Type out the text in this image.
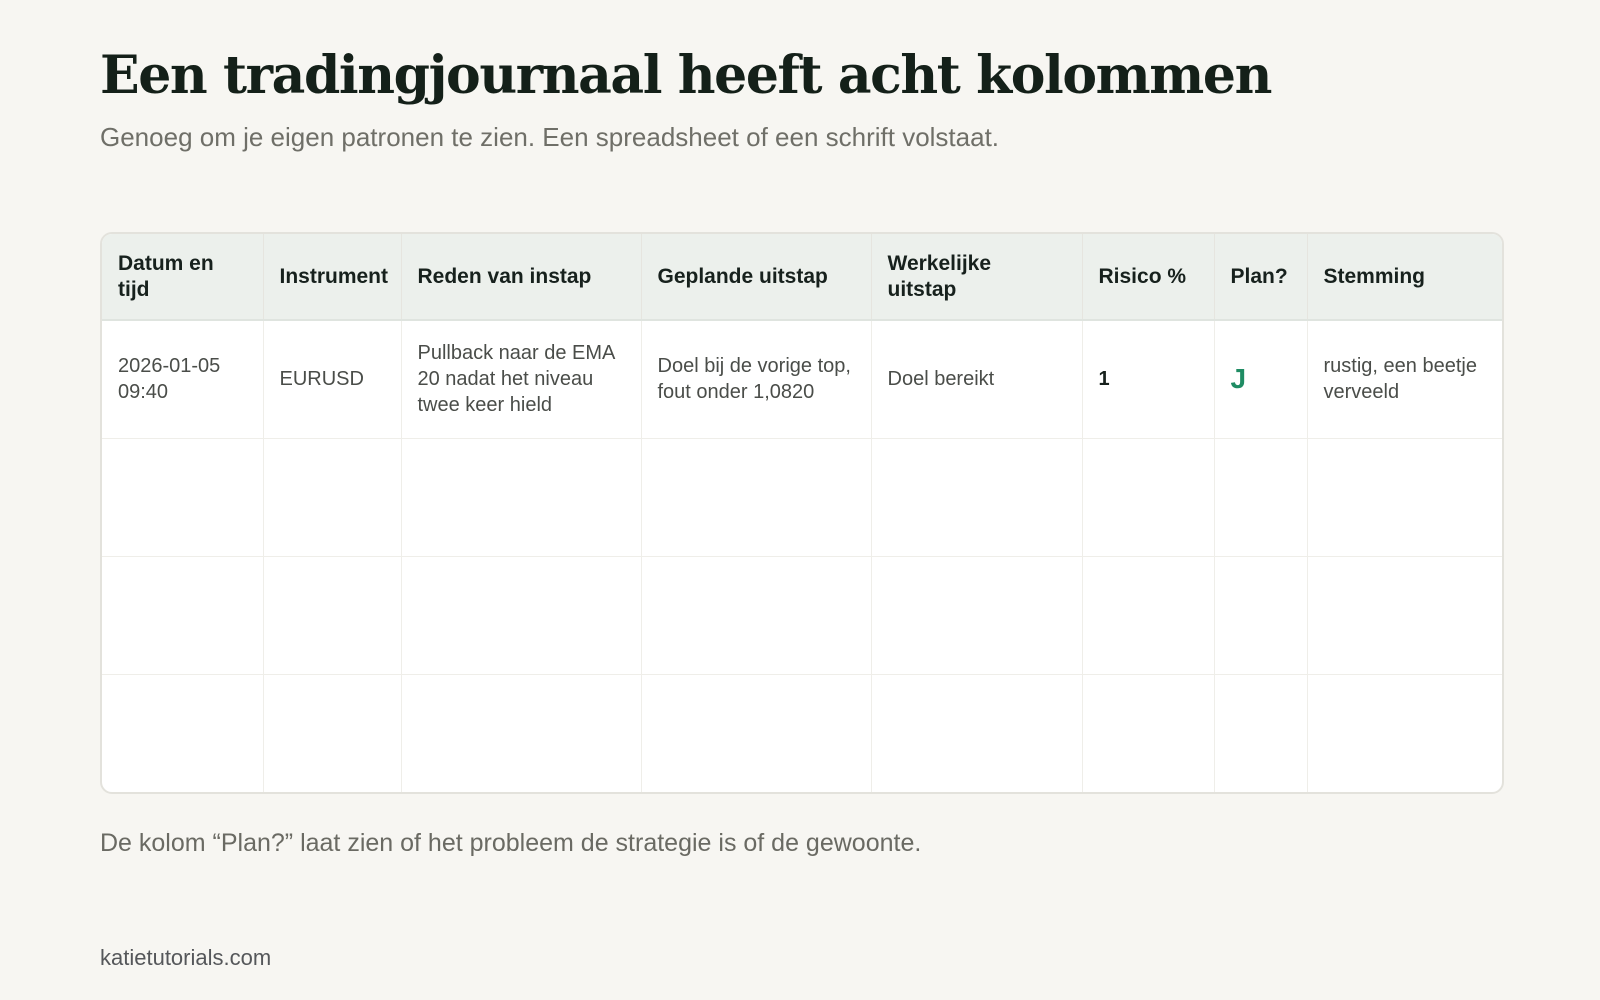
Een tradingjournaal heeft acht kolommen

Genoeg om je eigen patronen te zien. Een spreadsheet of een schrift volstaat.

Datum en tijd	Instrument	Reden van instap	Geplande uitstap	Werkelijke uitstap	Risico %	Plan?	Stemming
2026-01-05 09:40	EURUSD	Pullback naar de EMA 20 nadat het niveau twee keer hield	Doel bij de vorige top, fout onder 1,0820	Doel bereikt	1	J	rustig, een beetje verveeld

De kolom “Plan?” laat zien of het probleem de strategie is of de gewoonte.

katietutorials.com
